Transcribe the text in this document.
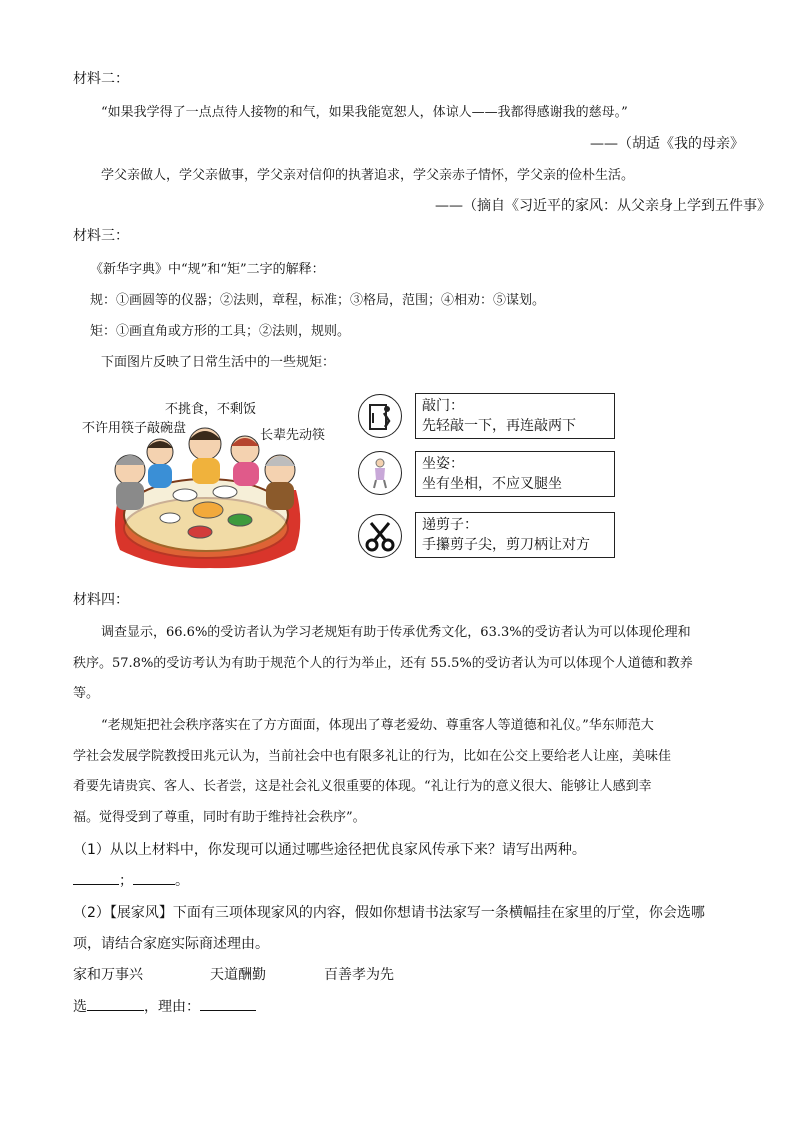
材料二：
“如果我学得了一点点待人接物的和气，如果我能宽恕人，体谅人——我都得感谢我的慈母。”
——（胡适《我的母亲》
学父亲做人，学父亲做事，学父亲对信仰的执著追求，学父亲赤子情怀，学父亲的俭朴生活。
——（摘自《习近平的家风：从父亲身上学到五件事》
材料三：
《新华字典》中“规”和“矩”二字的解释：
规：①画圆等的仪器；②法则，章程，标准；③格局，范围；④相劝：⑤谋划。
矩：①画直角或方形的工具；②法则，规则。
下面图片反映了日常生活中的一些规矩：
不挑食，不剩饭
不许用筷子敲碗盘	长辈先动筷
敲门：
先轻敲一下，再连敲两下
坐姿：
坐有坐相，不应叉腿坐
递剪子：
手攥剪子尖，剪刀柄让对方
材料四：
调查显示，66.6%的受访者认为学习老规矩有助于传承优秀文化，63.3%的受访者认为可以体现伦理和
秩序。57.8%的受访考认为有助于规范个人的行为举止，还有 55.5%的受访者认为可以体现个人道德和教养
等。
“老规矩把社会秩序落实在了方方面面，体现出了尊老爱幼、尊重客人等道德和礼仪。”华东师范大
学社会发展学院教授田兆元认为，当前社会中也有限多礼让的行为，比如在公交上要给老人让座，美味佳
肴要先请贵宾、客人、长者尝，这是社会礼义很重要的体现。“礼让行为的意义很大、能够让人感到幸
福。觉得受到了尊重，同时有助于维持社会秩序”。
（1）从以上材料中，你发现可以通过哪些途径把优良家风传承下来？请写出两种。
；	。
（2）【展家风】下面有三项体现家风的内容，假如你想请书法家写一条横幅挂在家里的厅堂，你会选哪
项，请结合家庭实际商述理由。
家和万事兴	天道酬勤	百善孝为先
选	，理由：
